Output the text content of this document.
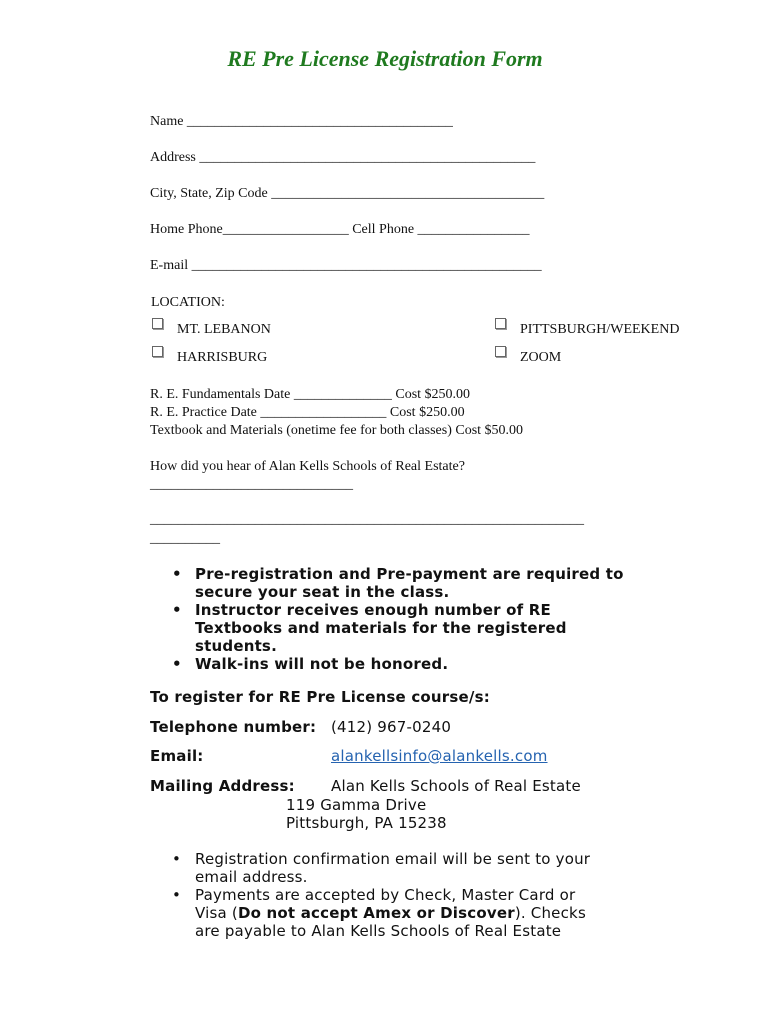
RE Pre License Registration Form
Name ______________________________________
Address ________________________________________________
City, State, Zip Code _______________________________________
Home Phone__________________ Cell Phone ________________
E-mail __________________________________________________
LOCATION:
MT. LEBANON
HARRISBURG
PITTSBURGH/WEEKEND
ZOOM
R. E. Fundamentals Date ______________ Cost $250.00
R. E. Practice Date __________________ Cost $250.00
Textbook and Materials (onetime fee for both classes) Cost $50.00
How did you hear of Alan Kells Schools of Real Estate?
_____________________________
______________________________________________________________
__________
• Pre-registration and Pre-payment are required to secure your seat in the class.
• Instructor receives enough number of RE Textbooks and materials for the registered students.
• Walk-ins will not be honored.
To register for RE Pre License course/s:
Telephone number: (412) 967-0240
Email:	alankellsinfo@alankells.com
Mailing Address: Alan Kells Schools of Real Estate
119 Gamma Drive
Pittsburgh, PA 15238
• Registration confirmation email will be sent to your email address.
• Payments are accepted by Check, Master Card or Visa (Do not accept Amex or Discover). Checks are payable to Alan Kells Schools of Real Estate
